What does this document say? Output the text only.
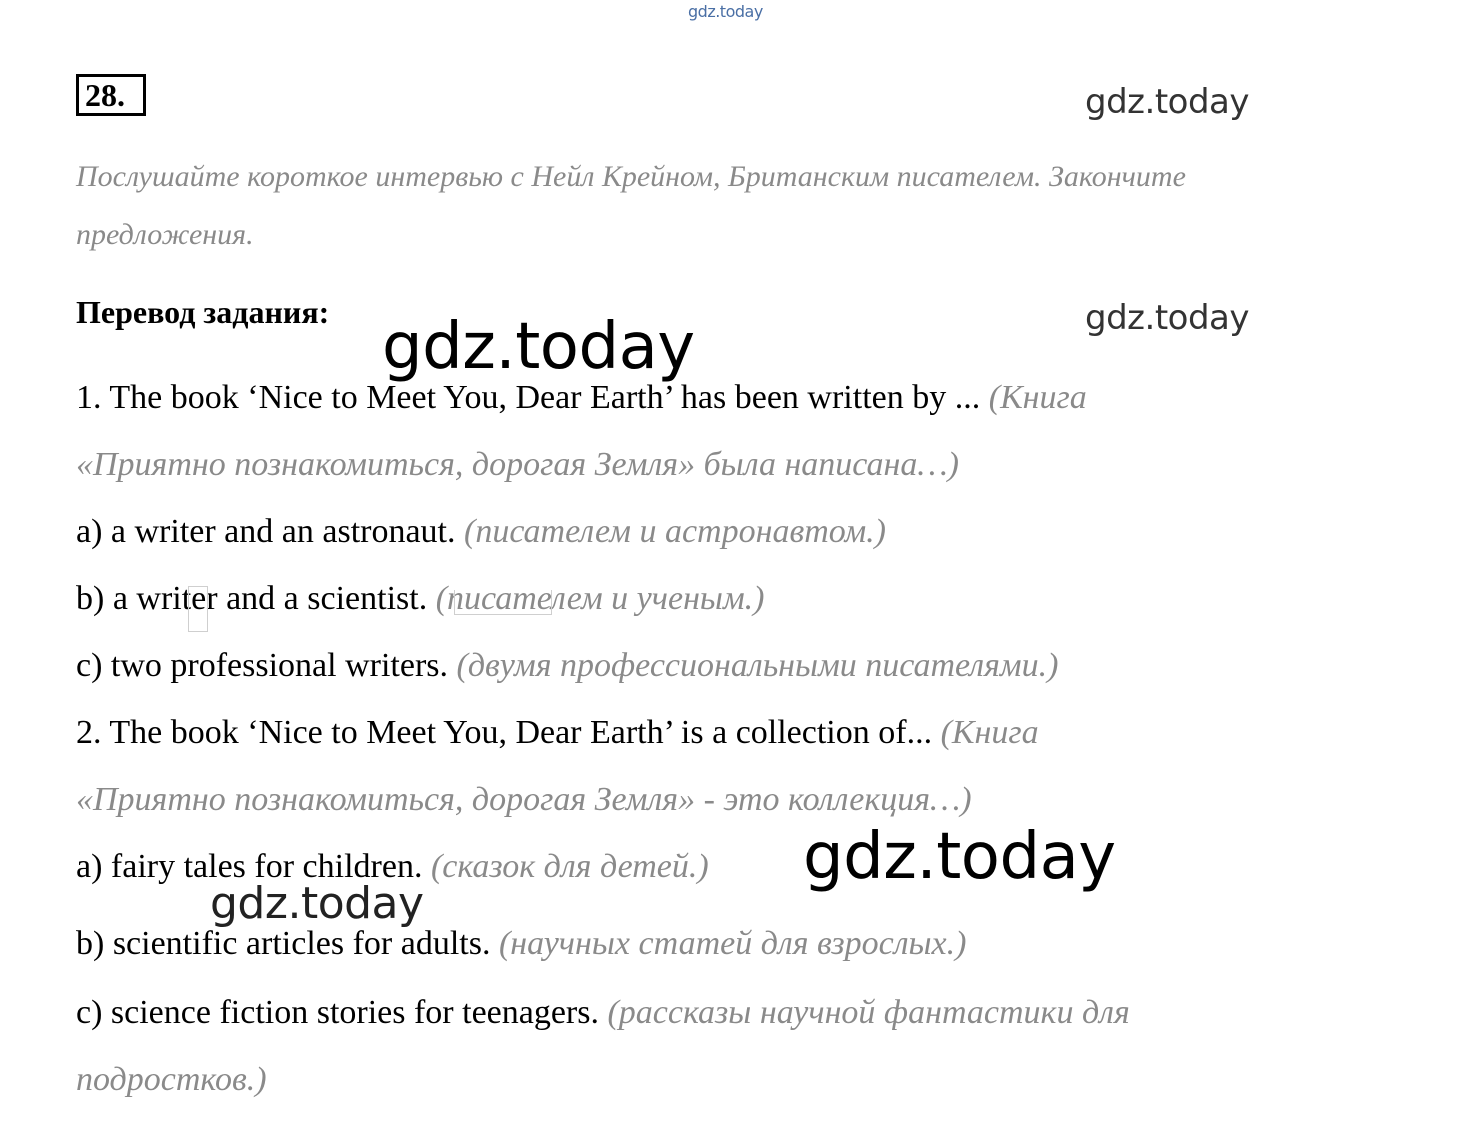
gdz.today
gdz.today
gdz.today
28.
Послушайте короткое интервью с Нейл Крейном, Британским писателем. Закончите
предложения.
Перевод задания:
1. The book ‘Nice to Meet You, Dear Earth’ has been written by ... (Книга
«Приятно познакомиться, дорогая Земля» была написана…)
a) a writer and an astronaut. (писателем и астронавтом.)
b) a writer and a scientist. (писателем и ученым.)
c) two professional writers. (двумя профессиональными писателями.)
2. The book ‘Nice to Meet You, Dear Earth’ is a collection of... (Книга
«Приятно познакомиться, дорогая Земля» - это коллекция…)
a) fairy tales for children. (сказок для детей.)
b) scientific articles for adults. (научных статей для взрослых.)
c) science fiction stories for teenagers. (рассказы научной фантастики для
подростков.)
gdz.today
gdz.today
gdz.today
